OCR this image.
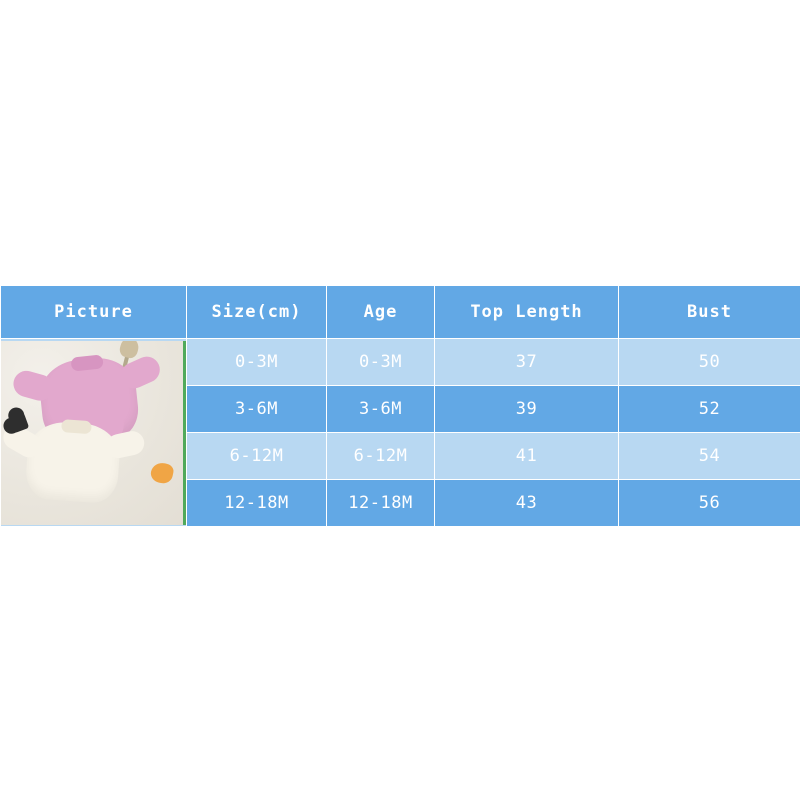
Picture	Size(cm)	Age	Top Length	Bust

	0-3M	0-3M	37	50
	3-6M	3-6M	39	52
	6-12M	6-12M	41	54
	12-18M	12-18M	43	56
